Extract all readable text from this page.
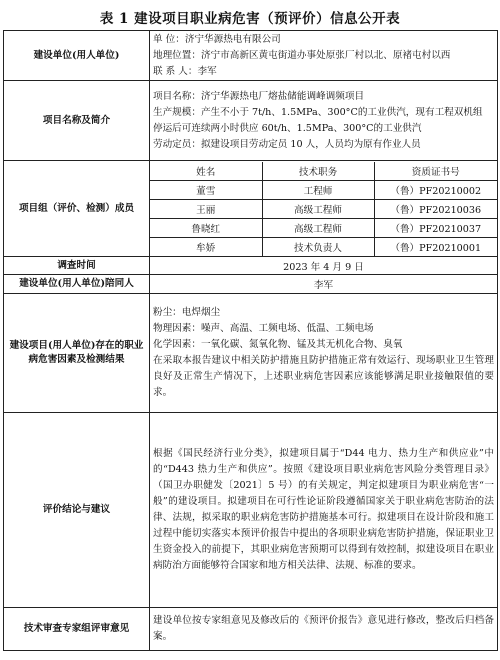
表 1 建设项目职业病危害（预评价）信息公开表
建设单位(用人单位)	
单 位：济宁华源热电有限公司
地理位置：济宁市高新区黄屯街道办事处原张厂村以北、原褚屯村以西
联 系 人：李军

项目名称及简介	
项目名称：济宁华源热电厂熔盐储能调峰调频项目
生产规模：产生不小于 7t/h、1.5MPa、300°C的工业供汽，现有工程双机组
停运后可连续两小时供应 60t/h、1.5MPa、300°C的工业供汽
劳动定员：拟建设项目劳动定员 10 人，人员均为原有作业人员

项目组（评价、检测）成员	
姓名	技术职务	资质证书号
董雪	工程师	（鲁）PF20210002
王丽	高级工程师	（鲁）PF20210036
鲁晓红	高级工程师	（鲁）PF20210037
牟娇	技术负责人	（鲁）PF20210001

调查时间	2023 年 4 月 9 日
建设单位(用人单位)陪同人	李军
建设项目(用人单位)存在的职业病危害因素及检测结果	
粉尘：电焊烟尘
物理因素：噪声、高温、工频电场、低温、工频电场
化学因素：一氧化碳、氮氧化物、锰及其无机化合物、臭氧
在采取本报告建议中相关防护措施且防护措施正常有效运行、现场职业卫生管理良好及正常生产情况下，上述职业病危害因素应该能够满足职业接触限值的要求。

评价结论与建议	
根据《国民经济行业分类》，拟建项目属于“D44 电力、热力生产和供应业”中的“D443 热力生产和供应”。按照《建设项目职业病危害风险分类管理目录》（国卫办职健发〔2021〕5 号）的有关规定，判定拟建项目为职业病危害“一般”的建设项目。拟建项目在可行性论证阶段遵循国家关于职业病危害防治的法律、法规，拟采取的职业病危害防护措施基本可行。拟建项目在设计阶段和施工过程中能切实落实本预评价报告中提出的各项职业病危害防护措施，保证职业卫生资金投入的前提下，其职业病危害预期可以得到有效控制，拟建设项目在职业病防治方面能够符合国家和地方相关法律、法规、标准的要求。

技术审查专家组评审意见	
建设单位按专家组意见及修改后的《预评价报告》意见进行修改，整改后归档备案。
